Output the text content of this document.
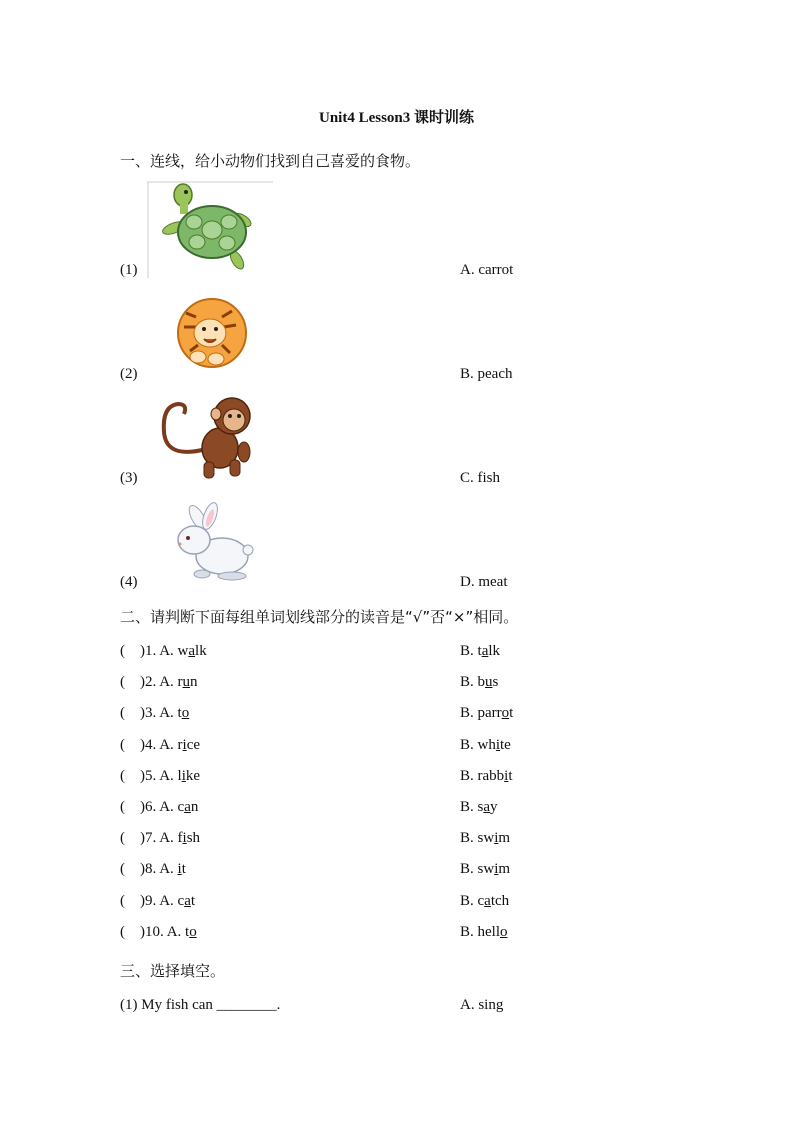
Unit4 Lesson3 课时训练
一、连线，给小动物们找到自己喜爱的食物。
(1)	A. carrot
(2)	B. peach
(3)	C. fish
(4)	D. meat
二、请判断下面每组单词划线部分的读音是“√”否“×”相同。
(    )1. A. walk	B. talk
(    )2. A. run	B. bus
(    )3. A. to	B. parrot
(    )4. A. rice	B. white
(    )5. A. like	B. rabbit
(    )6. A. can	B. say
(    )7. A. fish	B. swim
(    )8. A. it	B. swim
(    )9. A. cat	B. catch
(    )10. A. to	B. hello
三、选择填空。
(1) My fish can ________.	A. sing
